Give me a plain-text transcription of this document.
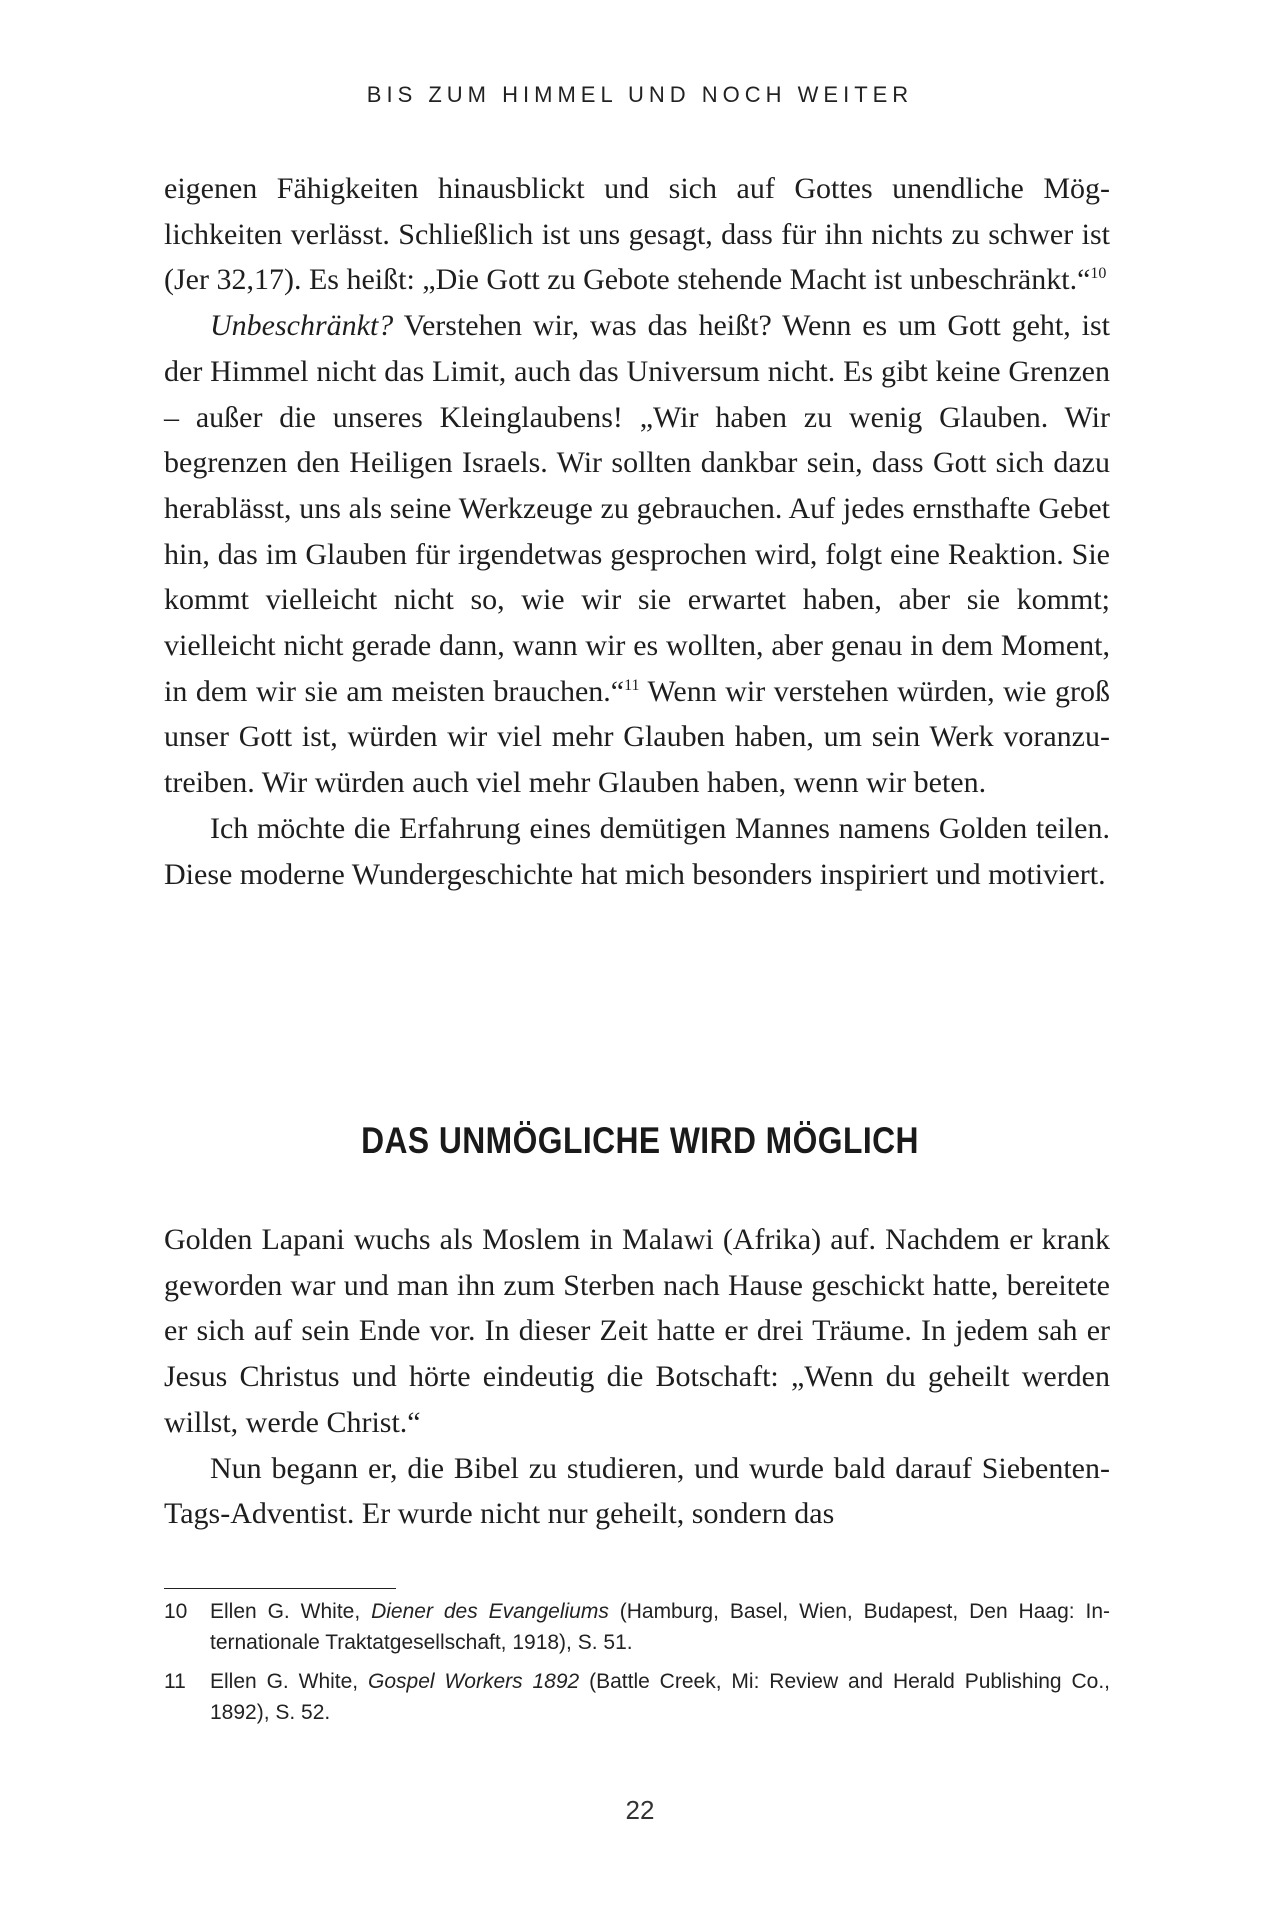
BIS ZUM HIMMEL UND NOCH WEITER

eigenen Fähigkeiten hinausblickt und sich auf Gottes unendliche Möglichkeiten verlässt. Schließlich ist uns gesagt, dass für ihn nichts zu schwer ist (Jer 32,17). Es heißt: „Die Gott zu Gebote stehende Macht ist unbeschränkt.“$^{10}$

Unbeschränkt? Verstehen wir, was das heißt? Wenn es um Gott geht, ist der Himmel nicht das Limit, auch das Universum nicht. Es gibt keine Grenzen – außer die unseres Kleinglaubens! „Wir haben zu wenig Glauben. Wir begrenzen den Heiligen Israels. Wir sollten dankbar sein, dass Gott sich dazu herablässt, uns als seine Werkzeuge zu gebrauchen. Auf jedes ernsthafte Gebet hin, das im Glauben für irgendetwas gesprochen wird, folgt eine Reaktion. Sie kommt vielleicht nicht so, wie wir sie erwartet haben, aber sie kommt; vielleicht nicht gerade dann, wann wir es wollten, aber genau in dem Moment, in dem wir sie am meisten brauchen.“$^{11}$ Wenn wir verstehen würden, wie groß unser Gott ist, würden wir viel mehr Glauben haben, um sein Werk voranzutreiben. Wir würden auch viel mehr Glauben haben, wenn wir beten.

Ich möchte die Erfahrung eines demütigen Mannes namens Golden teilen. Diese moderne Wundergeschichte hat mich besonders inspiriert und motiviert.

DAS UNMÖGLICHE WIRD MÖGLICH

Golden Lapani wuchs als Moslem in Malawi (Afrika) auf. Nachdem er krank geworden war und man ihn zum Sterben nach Hause geschickt hatte, bereitete er sich auf sein Ende vor. In dieser Zeit hatte er drei Träume. In jedem sah er Jesus Christus und hörte eindeutig die Botschaft: „Wenn du geheilt werden willst, werde Christ.“

Nun begann er, die Bibel zu studieren, und wurde bald darauf Siebenten-Tags-Adventist. Er wurde nicht nur geheilt, sondern das

10	Ellen G. White, Diener des Evangeliums (Hamburg, Basel, Wien, Budapest, Den Haag: Internationale Traktatgesellschaft, 1918), S. 51.
11	Ellen G. White, Gospel Workers 1892 (Battle Creek, Mi: Review and Herald Publishing Co., 1892), S. 52.
22
